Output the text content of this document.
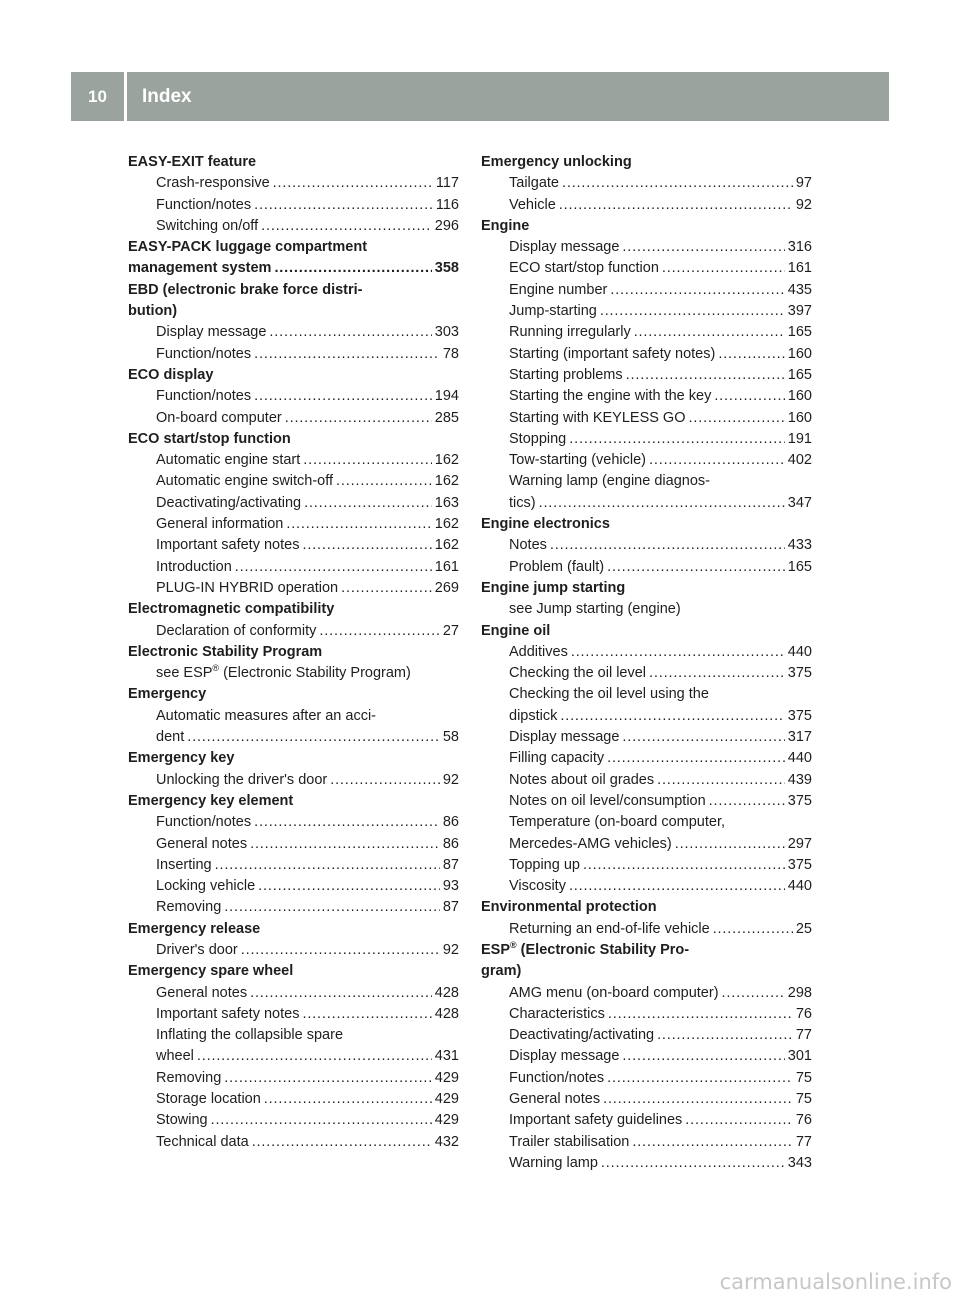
10	Index
EASY-EXIT feature
Crash-responsive . . .	117
Function/notes . . .	116
Switching on/off . . .	296
EASY-PACK luggage compartment
management system . . .	358
EBD (electronic brake force distri-
bution)
Display message . . .	303
Function/notes . . .	78
ECO display
Function/notes . . .	194
On-board computer . . .	285
ECO start/stop function
Automatic engine start . . .	162
Automatic engine switch-off . . .	162
Deactivating/activating . . .	163
General information . . .	162
Important safety notes . . .	162
Introduction . . .	161
PLUG-IN HYBRID operation . . .	269
Electromagnetic compatibility
Declaration of conformity . . .	27
Electronic Stability Program
see ESP® (Electronic Stability Program)
Emergency
Automatic measures after an acci-
dent . . .	58
Emergency key
Unlocking the driver's door . . .	92
Emergency key element
Function/notes . . .	86
General notes . . .	86
Inserting . . .	87
Locking vehicle . . .	93
Removing . . .	87
Emergency release
Driver's door . . .	92
Emergency spare wheel
General notes . . .	428
Important safety notes . . .	428
Inflating the collapsible spare
wheel . . .	431
Removing . . .	429
Storage location . . .	429
Stowing . . .	429
Technical data . . .	432
Emergency unlocking
Tailgate . . .	97
Vehicle . . .	92
Engine
Display message . . .	316
ECO start/stop function . . .	161
Engine number . . .	435
Jump-starting . . .	397
Running irregularly . . .	165
Starting (important safety notes) . . .	160
Starting problems . . .	165
Starting the engine with the key . . .	160
Starting with KEYLESS GO . . .	160
Stopping . . .	191
Tow-starting (vehicle) . . .	402
Warning lamp (engine diagnos-
tics) . . .	347
Engine electronics
Notes . . .	433
Problem (fault) . . .	165
Engine jump starting
see Jump starting (engine)
Engine oil
Additives . . .	440
Checking the oil level . . .	375
Checking the oil level using the
dipstick . . .	375
Display message . . .	317
Filling capacity . . .	440
Notes about oil grades . . .	439
Notes on oil level/consumption . . .	375
Temperature (on-board computer,
Mercedes-AMG vehicles) . . .	297
Topping up . . .	375
Viscosity . . .	440
Environmental protection
Returning an end-of-life vehicle . . .	25
ESP® (Electronic Stability Pro-
gram)
AMG menu (on-board computer) . . .	298
Characteristics . . .	76
Deactivating/activating . . .	77
Display message . . .	301
Function/notes . . .	75
General notes . . .	75
Important safety guidelines . . .	76
Trailer stabilisation . . .	77
Warning lamp . . .	343
carmanualsonline.info
